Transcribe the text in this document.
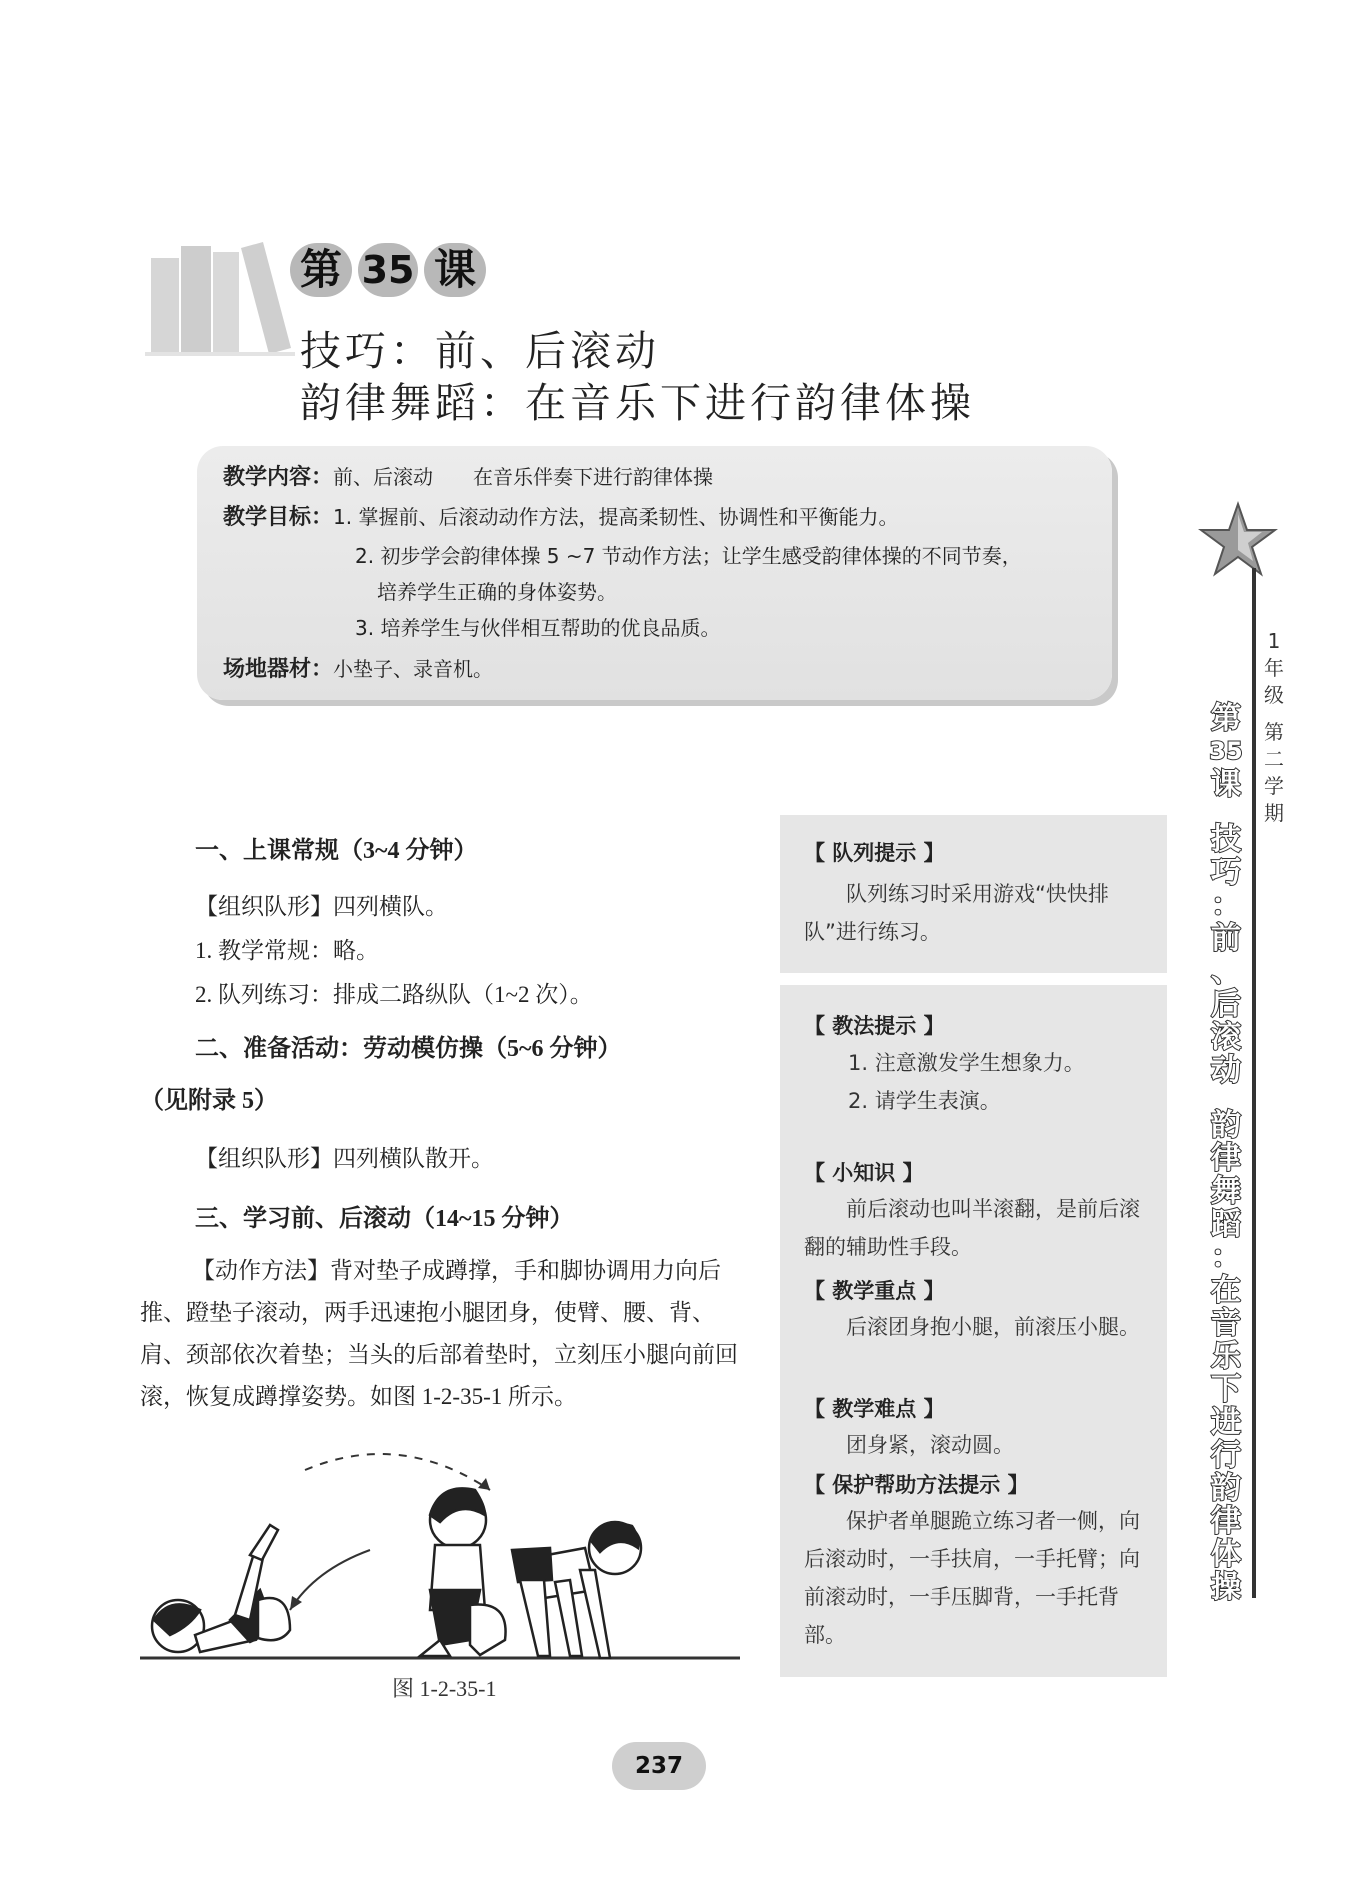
第 35 课
技巧：前、后滚动
韵律舞蹈：在音乐下进行韵律体操
教学内容：前、后滚动　　在音乐伴奏下进行韵律体操
教学目标：1. 掌握前、后滚动动作方法，提高柔韧性、协调性和平衡能力。
2. 初步学会韵律体操 5 ~7 节动作方法；让学生感受韵律体操的不同节奏，
培养学生正确的身体姿势。
3. 培养学生与伙伴相互帮助的优良品质。
场地器材：小垫子、录音机。
1
年
级
第
二
学
期
第
35
课
技
巧
：
前
、
后
滚
动
韵
律
舞
蹈
：
在
音
乐
下
进
行
韵
律
体
操
一、上课常规（3~4 分钟）
【组织队形】四列横队。
1. 教学常规：略。
2. 队列练习：排成二路纵队（1~2 次）。
二、准备活动：劳动模仿操（5~6 分钟）
（见附录 5）
【组织队形】四列横队散开。
三、学习前、后滚动（14~15 分钟）
【动作方法】背对垫子成蹲撑，手和脚协调用力向后推、蹬垫子滚动，两手迅速抱小腿团身，使臂、腰、背、肩、颈部依次着垫；当头的后部着垫时，立刻压小腿向前回滚，恢复成蹲撑姿势。如图 1-2-35-1 所示。
图 1-2-35-1
【 队列提示 】
队列练习时采用游戏“快快排队”进行练习。
【 教法提示 】
1. 注意激发学生想象力。
2. 请学生表演。
【 小知识 】
前后滚动也叫半滚翻，是前后滚翻的辅助性手段。
【 教学重点 】
后滚团身抱小腿，前滚压小腿。
【 教学难点 】
团身紧，滚动圆。
【 保护帮助方法提示 】
保护者单腿跪立练习者一侧，向后滚动时，一手扶肩，一手托臂；向前滚动时，一手压脚背，一手托背部。
237
